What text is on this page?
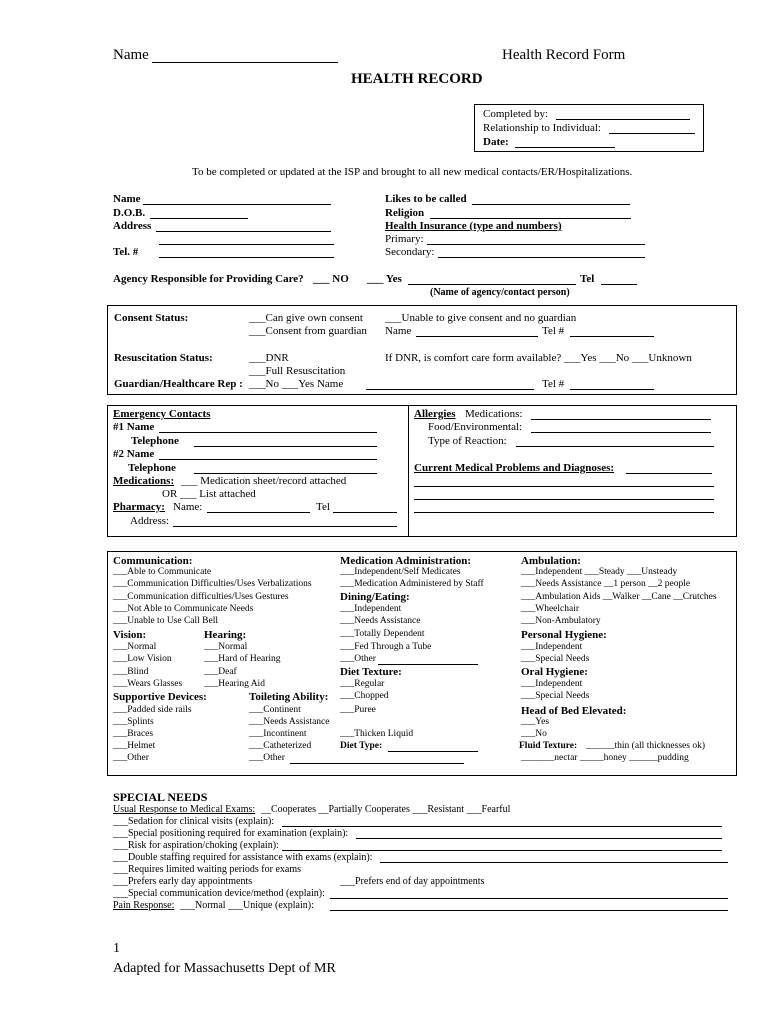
Name	Health Record Form
HEALTH RECORD
Completed by:
Relationship to Individual:
Date:
To be completed or updated at the ISP and brought to all new medical contacts/ER/Hospitalizations.
Name
D.O.B.
Address
Tel. #
Likes to be called
Religion
Health Insurance (type and numbers)
Primary:
Secondary:
Agency Responsible for Providing Care? ___ NO ___ Yes	Tel
(Name of agency/contact person)
Consent Status:	___Can give own consent
___Consent from guardian
___Unable to give consent and no guardian
Name	Tel #
Resuscitation Status:	___DNR
___Full Resuscitation
If DNR, is comfort care form available? ___Yes ___No ___Unknown
Guardian/Healthcare Rep : ___No ___Yes Name	Tel #
Emergency Contacts
#1 Name
Telephone
#2 Name
Telephone
Medications: ___ Medication sheet/record attached
OR ___ List attached
Pharmacy: Name:	Tel
Address:
Allergies Medications:
Food/Environmental:
Type of Reaction:
Current Medical Problems and Diagnoses:
Communication:
___Able to Communicate
___Communication Difficulties/Uses Verbalizations
___Communication difficulties/Uses Gestures
___Not Able to Communicate Needs
___Unable to Use Call Bell
Vision:
___Normal
___Low Vision
___Blind
___Wears Glasses
Hearing:
___Normal
___Hard of Hearing
___Deaf
___Hearing Aid
Supportive Devices:
___Padded side rails
___Splints
___Braces
___Helmet
___Other
Toileting Ability:
___Continent
___Needs Assistance
___Incontinent
___Catheterized
___Other
Medication Administration:
___Independent/Self Medicates
___Medication Administered by Staff
Dining/Eating:
___Independent
___Needs Assistance
___Totally Dependent
___Fed Through a Tube
___Other
Diet Texture:
___Regular
___Chopped
___Puree
___Thicken Liquid
Diet Type:
Ambulation:
___Independent ___Steady ___Unsteady
___Needs Assistance __1 person __2 people
___Ambulation Aids __Walker __Cane __Crutches
___Wheelchair
___Non-Ambulatory
Personal Hygiene:
___Independent
___Special Needs
Oral Hygiene:
___Independent
___Special Needs
Head of Bed Elevated:
___Yes
___No
Fluid Texture: ______thin (all thicknesses ok)
_______nectar _____honey ______pudding
SPECIAL NEEDS
Usual Response to Medical Exams: __Cooperates __Partially Cooperates ___Resistant ___Fearful
___Sedation for clinical visits (explain):
___Special positioning required for examination (explain):
___Risk for aspiration/choking (explain):
___Double staffing required for assistance with exams (explain):
___Requires limited waiting periods for exams
___Prefers early day appointments	___Prefers end of day appointments
___Special communication device/method (explain):
Pain Response: ___Normal ___Unique (explain):
1
Adapted for Massachusetts Dept of MR
